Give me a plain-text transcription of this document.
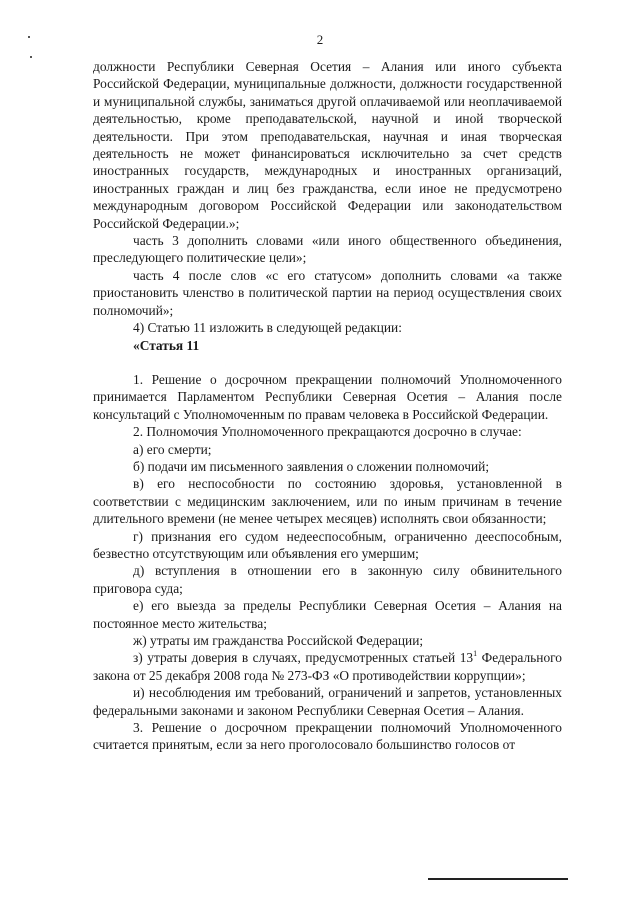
2

должности Республики Северная Осетия – Алания или иного субъекта Российской Федерации, муниципальные должности, должности государственной и муниципальной службы, заниматься другой оплачиваемой или неоплачиваемой деятельностью, кроме преподавательской, научной и иной творческой деятельности. При этом преподавательская, научная и иная творческая деятельность не может финансироваться исключительно за счет средств иностранных государств, международных и иностранных организаций, иностранных граждан и лиц без гражданства, если иное не предусмотрено международным договором Российской Федерации или законодательством Российской Федерации.»;

часть 3 дополнить словами «или иного общественного объединения, преследующего политические цели»;

часть 4 после слов «с его статусом» дополнить словами «а также приостановить членство в политической партии на период осуществления своих полномочий»;

4) Статью 11 изложить в следующей редакции:

«Статья 11

1. Решение о досрочном прекращении полномочий Уполномоченного принимается Парламентом Республики Северная Осетия – Алания после консультаций с Уполномоченным по правам человека в Российской Федерации.

2. Полномочия Уполномоченного прекращаются досрочно в случае:

а) его смерти;

б) подачи им письменного заявления о сложении полномочий;

в) его неспособности по состоянию здоровья, установленной в соответствии с медицинским заключением, или по иным причинам в течение длительного времени (не менее четырех месяцев) исполнять свои обязанности;

г) признания его судом недееспособным, ограниченно дееспособным, безвестно отсутствующим или объявления его умершим;

д) вступления в отношении его в законную силу обвинительного приговора суда;

е) его выезда за пределы Республики Северная Осетия – Алания на постоянное место жительства;

ж) утраты им гражданства Российской Федерации;

з) утраты доверия в случаях, предусмотренных статьей $13^1$ Федерального закона от 25 декабря 2008 года № 273-ФЗ «О противодействии коррупции»;

и) несоблюдения им требований, ограничений и запретов, установленных федеральными законами и законом Республики Северная Осетия – Алания.

3. Решение о досрочном прекращении полномочий Уполномоченного считается принятым, если за него проголосовало большинство голосов от
